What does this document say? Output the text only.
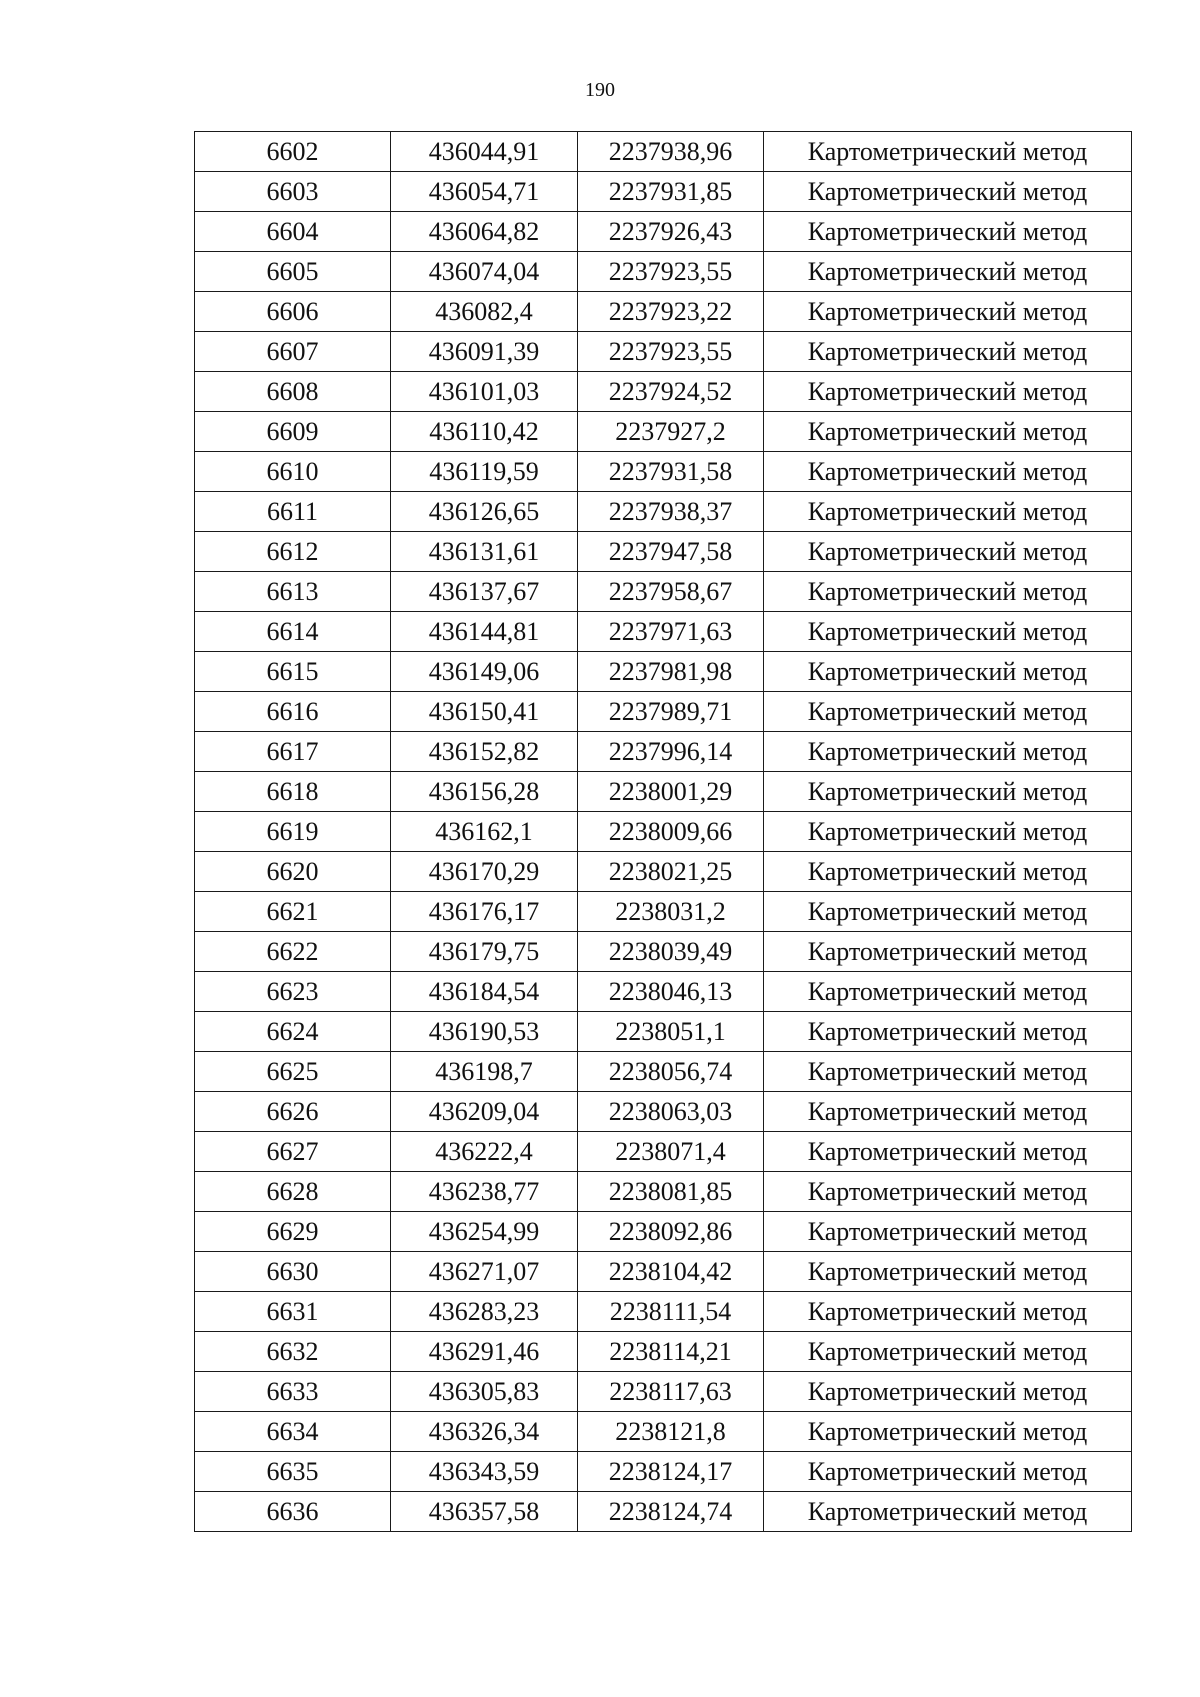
190
6602	436044,91	2237938,96	Картометрический метод
6603	436054,71	2237931,85	Картометрический метод
6604	436064,82	2237926,43	Картометрический метод
6605	436074,04	2237923,55	Картометрический метод
6606	436082,4	2237923,22	Картометрический метод
6607	436091,39	2237923,55	Картометрический метод
6608	436101,03	2237924,52	Картометрический метод
6609	436110,42	2237927,2	Картометрический метод
6610	436119,59	2237931,58	Картометрический метод
6611	436126,65	2237938,37	Картометрический метод
6612	436131,61	2237947,58	Картометрический метод
6613	436137,67	2237958,67	Картометрический метод
6614	436144,81	2237971,63	Картометрический метод
6615	436149,06	2237981,98	Картометрический метод
6616	436150,41	2237989,71	Картометрический метод
6617	436152,82	2237996,14	Картометрический метод
6618	436156,28	2238001,29	Картометрический метод
6619	436162,1	2238009,66	Картометрический метод
6620	436170,29	2238021,25	Картометрический метод
6621	436176,17	2238031,2	Картометрический метод
6622	436179,75	2238039,49	Картометрический метод
6623	436184,54	2238046,13	Картометрический метод
6624	436190,53	2238051,1	Картометрический метод
6625	436198,7	2238056,74	Картометрический метод
6626	436209,04	2238063,03	Картометрический метод
6627	436222,4	2238071,4	Картометрический метод
6628	436238,77	2238081,85	Картометрический метод
6629	436254,99	2238092,86	Картометрический метод
6630	436271,07	2238104,42	Картометрический метод
6631	436283,23	2238111,54	Картометрический метод
6632	436291,46	2238114,21	Картометрический метод
6633	436305,83	2238117,63	Картометрический метод
6634	436326,34	2238121,8	Картометрический метод
6635	436343,59	2238124,17	Картометрический метод
6636	436357,58	2238124,74	Картометрический метод
